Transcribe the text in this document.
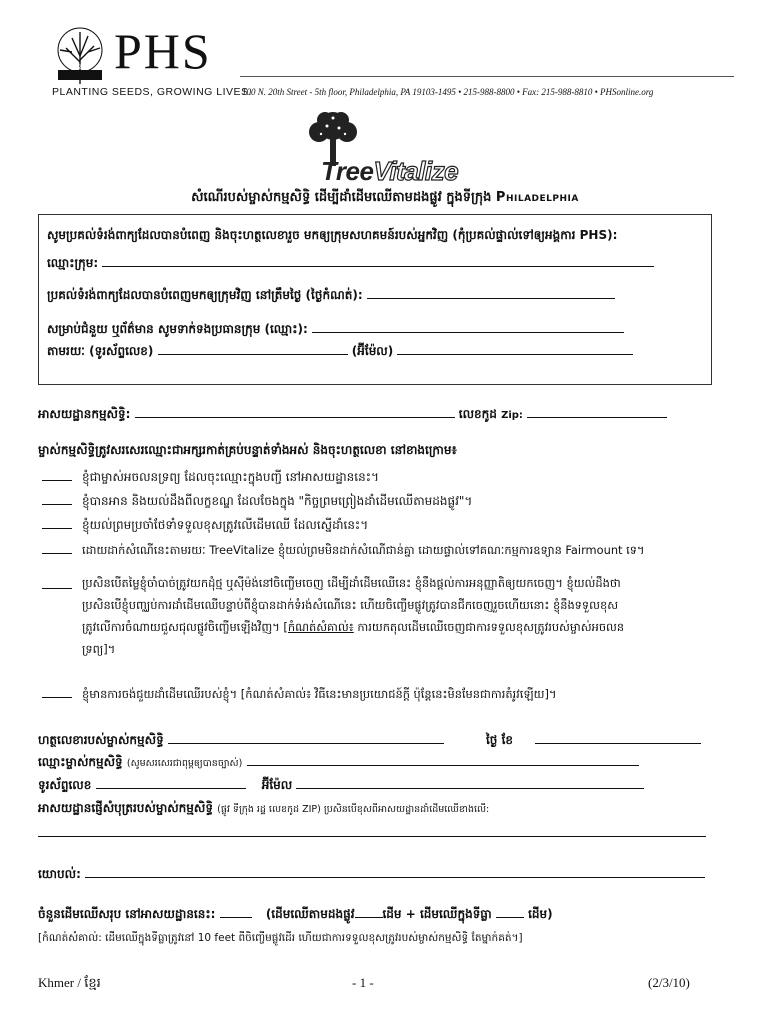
1827 PHS
PLANTING SEEDS, GROWING LIVES.
100 N. 20th Street - 5th floor, Philadelphia, PA 19103-1495 • 215-988-8800 • Fax: 215-988-8810 • PHSonline.org
TreeVitalize
សំណើរបស់ម្ចាស់កម្មសិទ្ធិ ដើម្បីដាំដើមឈើតាមដងផ្លូវ ក្នុងទីក្រុង Philadelphia
សូមប្រគល់ទំរង់ពាក្យដែលបានបំពេញ និងចុះហត្ថលេខារួច មកឲ្យក្រុមសហគមន៍របស់អ្នកវិញ (កុំប្រគល់ផ្ទាល់ទៅឲ្យអង្គការ PHS):
ឈ្មោះក្រុម:
ប្រគល់ទំរង់ពាក្យដែលបានបំពេញមកឲ្យក្រុមវិញ នៅត្រឹមថ្ងៃ (ថ្ងៃកំណត់):
សម្រាប់ជំនួយ ឬព័ត៌មាន សូមទាក់ទងប្រធានក្រុម (ឈ្មោះ):
តាមរយៈ (ទូរស័ព្ទលេខ)	(អ៊ីម៉ែល)
អាសយដ្ឋានកម្មសិទ្ធិ:	លេខកូដ Zip:
ម្ចាស់កម្មសិទ្ធិត្រូវសរសេរឈ្មោះជាអក្សរកាត់គ្រប់បន្ទាត់ទាំងអស់ និងចុះហត្ថលេខា នៅខាងក្រោម៖
ខ្ញុំជាម្ចាស់អចលនទ្រព្យ ដែលចុះឈ្មោះក្នុងបញ្ជី នៅអាសយដ្ឋាននេះ។
ខ្ញុំបានអាន និងយល់ដឹងពីលក្ខខណ្ឌ ដែលចែងក្នុង "កិច្ចព្រមព្រៀងដាំដើមឈើតាមដងផ្លូវ"។
ខ្ញុំយល់ព្រមប្រចាំថែទាំទទួលខុសត្រូវលើដើមឈើ ដែលស្នើដាំនេះ។
ដោយដាក់សំណើនេះតាមរយៈ TreeVitalize ខ្ញុំយល់ព្រមមិនដាក់សំណើជាន់គ្នា ដោយផ្ទាល់ទៅគណៈកម្មការឧទ្យាន Fairmount ទេ។
ប្រសិនបើតម្លៃខ្ញុំចាំបាច់ត្រូវយកដុំថ្ម ឬស៊ីម៉ង់នៅចិញ្ចើមចេញ ដើម្បីដាំដើមឈើនេះ ខ្ញុំនឹងផ្តល់ការអនុញ្ញាតិឲ្យយកចេញ។ ខ្ញុំយល់ដឹងថា
ប្រសិនបើខ្ញុំបញ្ឈប់ការដាំដើមឈើបន្ទាប់ពីខ្ញុំបានដាក់ទំរង់សំណើនេះ ហើយចិញ្ចើមផ្លូវត្រូវបានជីកចេញរួចហើយនោះ ខ្ញុំនឹងទទួលខុស
ត្រូវលើការចំណាយជួសជុលផ្លូវចិញ្ចើមឡើងវិញ។ [កំណត់សំគាល់៖ ការយកតុលដើមឈើចេញជាការទទួលខុសត្រូវរបស់ម្ចាស់អចលន
ទ្រព្យ]។
ខ្ញុំមានការចង់ជួយដាំដើមឈើរបស់ខ្ញុំ។ [កំណត់សំគាល់៖ វិធីនេះមានប្រយោជន៍ក្តី ប៉ុន្តែនេះមិនមែនជាការតំរូវឡើយ]។
ហត្ថលេខារបស់ម្ចាស់កម្មសិទ្ធិ	ថ្ងៃ ខែ
ឈ្មោះម្ចាស់កម្មសិទ្ធិ (សូមសរសេរជាពុម្ពឲ្យបានច្បាស់)
ទូរស័ព្ទលេខ	អ៊ីម៉ែល
អាសយដ្ឋានផ្ញើសំបុត្ររបស់ម្ចាស់កម្មសិទ្ធិ (ផ្លូវ ទីក្រុង រដ្ឋ លេខកូដ ZIP) ប្រសិនបើខុសពីអាសយដ្ឋានដាំដើមឈើខាងលើ:
យោបល់:
ចំនួនដើមឈើសរុប នៅអាសយដ្ឋាននេះ:	(ដើមឈើតាមដងផ្លូវ ដើម + ដើមឈើក្នុងទីធ្លា	ដើម)
[កំណត់សំគាល់: ដើមឈើក្នុងទីធ្លាត្រូវនៅ 10 feet ពីចិញ្ចើមផ្លូវដើរ ហើយជាការទទួលខុសត្រូវរបស់ម្ចាស់កម្មសិទ្ធិ តែម្នាក់គត់។]
Khmer / ខ្មែរ	- 1 -	(2/3/10)
